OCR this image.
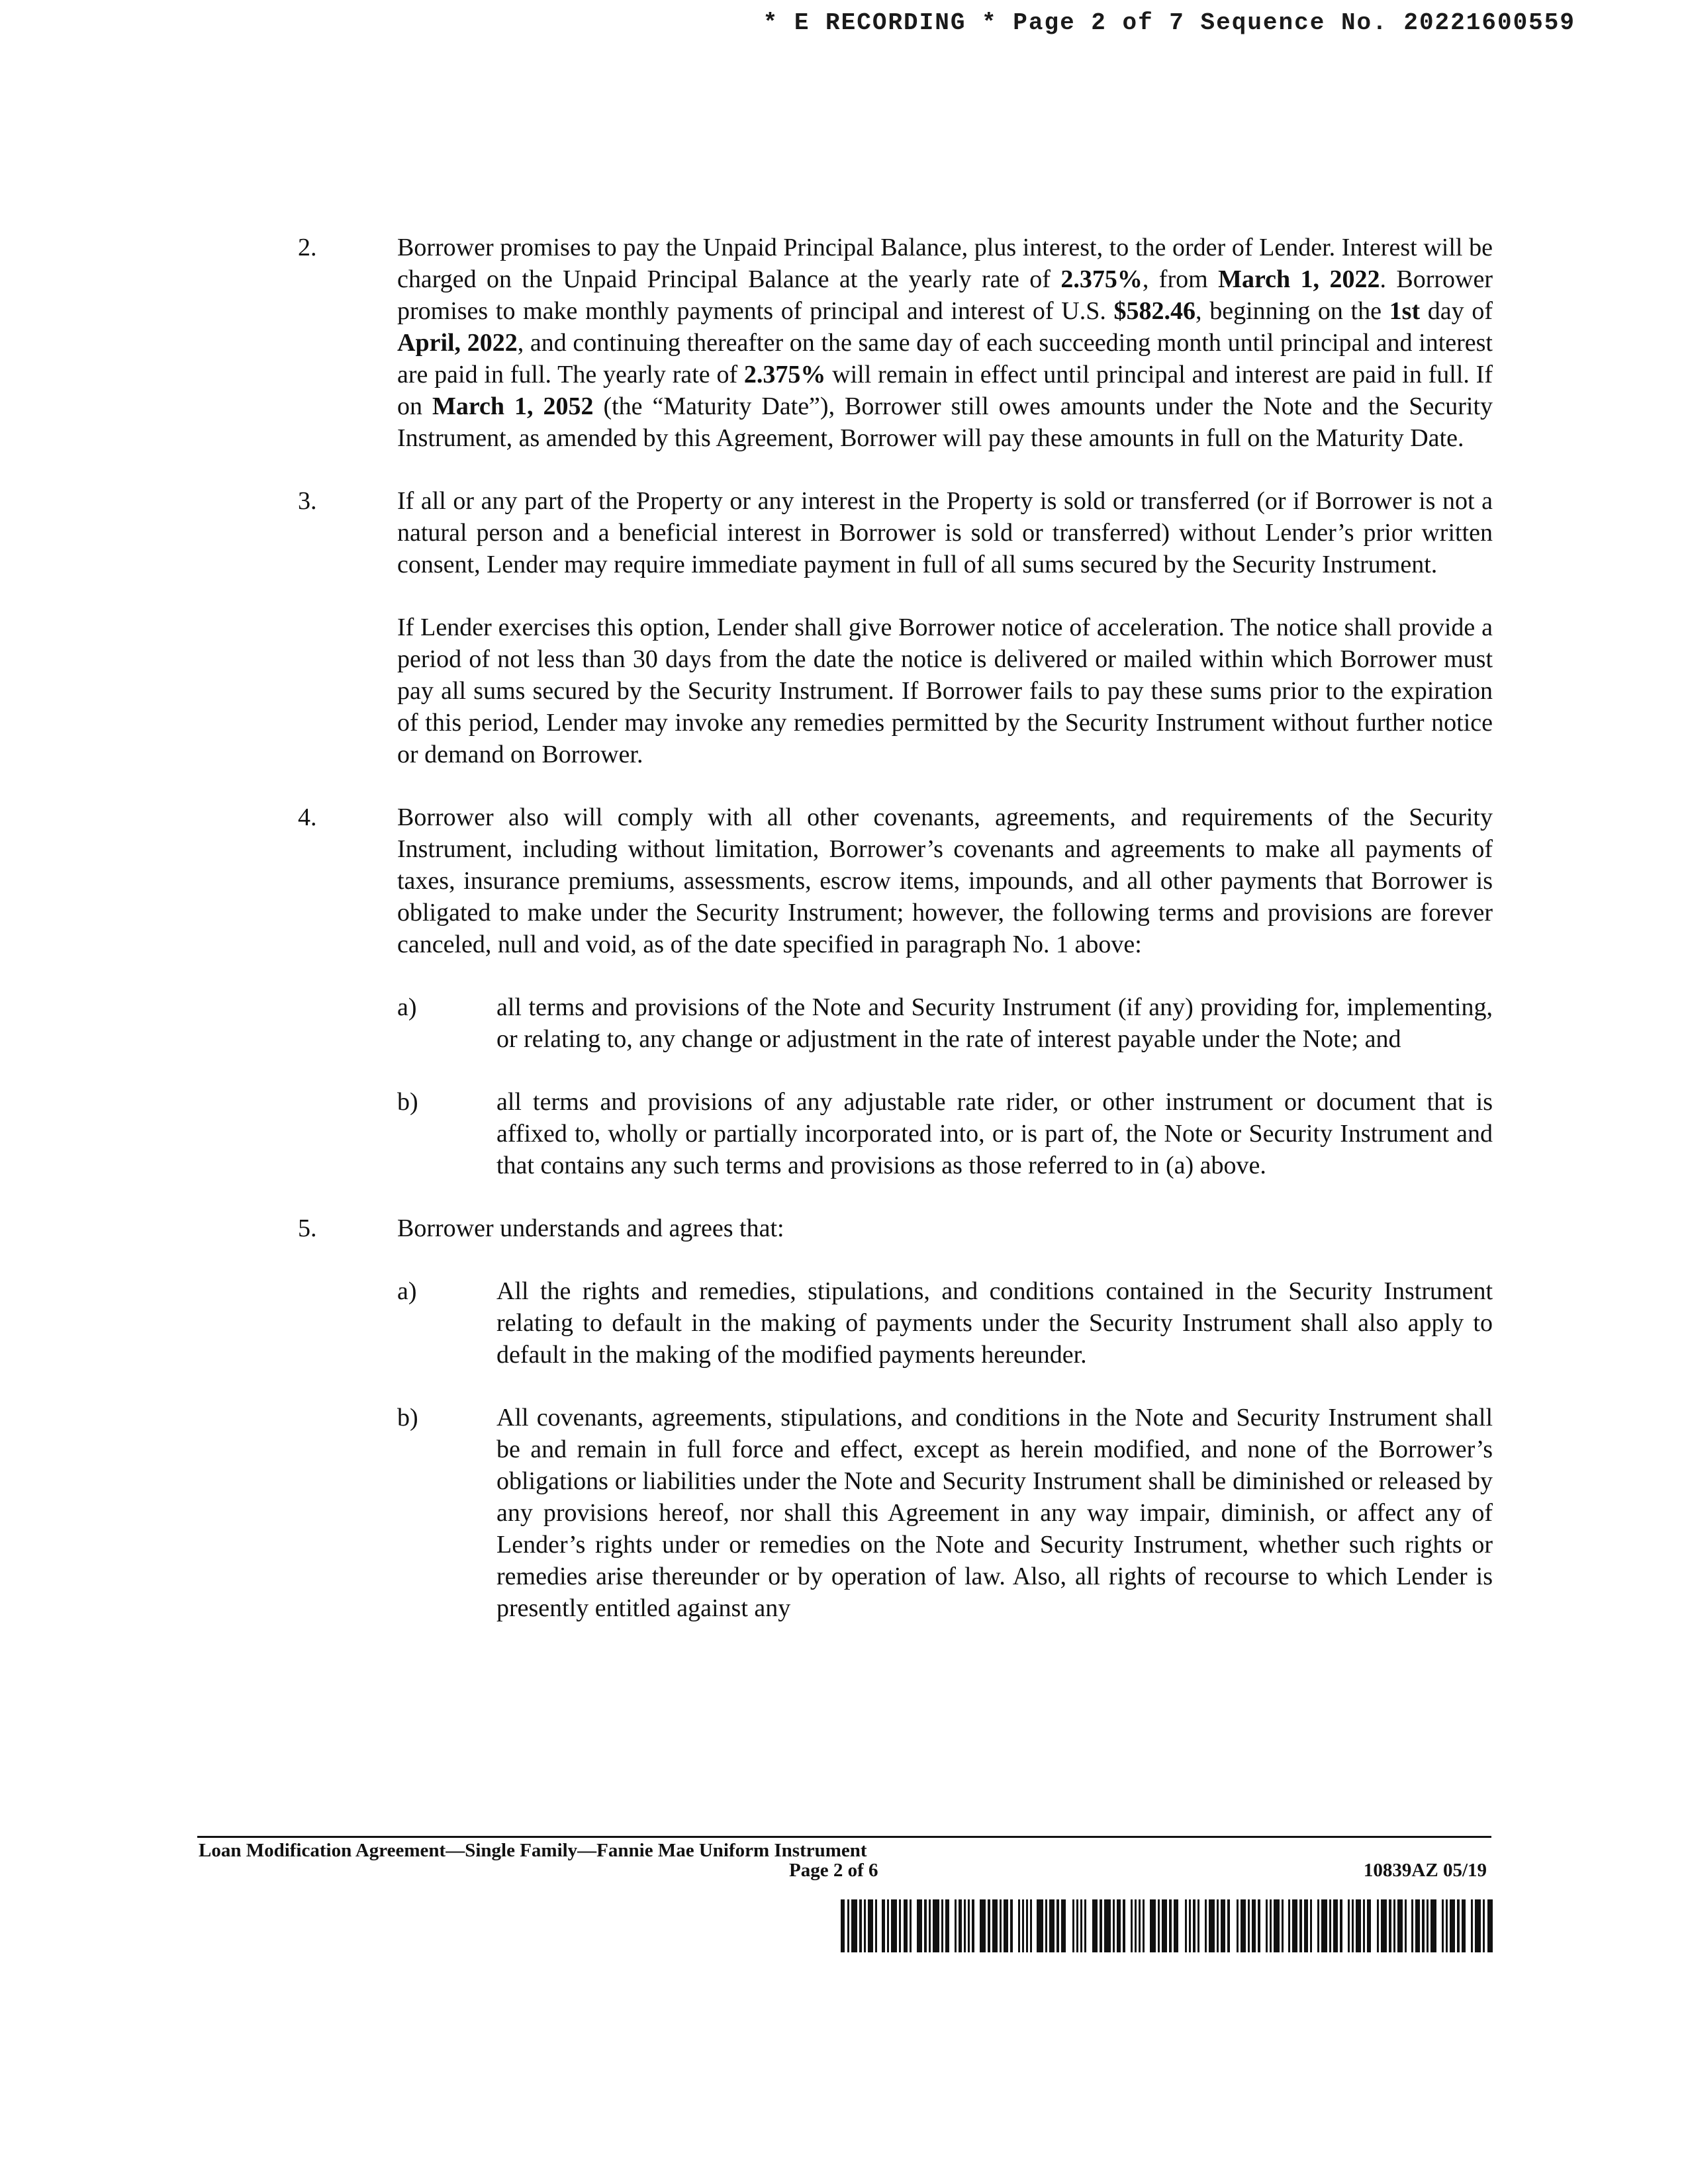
* E RECORDING * Page 2 of 7 Sequence No. 20221600559
2.	Borrower promises to pay the Unpaid Principal Balance, plus interest, to the order of Lender. Interest will be charged on the Unpaid Principal Balance at the yearly rate of 2.375%, from March 1, 2022. Borrower promises to make monthly payments of principal and interest of U.S. $582.46, beginning on the 1st day of April, 2022, and continuing thereafter on the same day of each succeeding month until principal and interest are paid in full. The yearly rate of 2.375% will remain in effect until principal and interest are paid in full. If on March 1, 2052 (the “Maturity Date”), Borrower still owes amounts under the Note and the Security Instrument, as amended by this Agreement, Borrower will pay these amounts in full on the Maturity Date.
3.	If all or any part of the Property or any interest in the Property is sold or transferred (or if Borrower is not a natural person and a beneficial interest in Borrower is sold or transferred) without Lender’s prior written consent, Lender may require immediate payment in full of all sums secured by the Security Instrument.
If Lender exercises this option, Lender shall give Borrower notice of acceleration. The notice shall provide a period of not less than 30 days from the date the notice is delivered or mailed within which Borrower must pay all sums secured by the Security Instrument. If Borrower fails to pay these sums prior to the expiration of this period, Lender may invoke any remedies permitted by the Security Instrument without further notice or demand on Borrower.
4.	Borrower also will comply with all other covenants, agreements, and requirements of the Security Instrument, including without limitation, Borrower’s covenants and agreements to make all payments of taxes, insurance premiums, assessments, escrow items, impounds, and all other payments that Borrower is obligated to make under the Security Instrument; however, the following terms and provisions are forever canceled, null and void, as of the date specified in paragraph No. 1 above:
a)	all terms and provisions of the Note and Security Instrument (if any) providing for, implementing, or relating to, any change or adjustment in the rate of interest payable under the Note; and
b)	all terms and provisions of any adjustable rate rider, or other instrument or document that is affixed to, wholly or partially incorporated into, or is part of, the Note or Security Instrument and that contains any such terms and provisions as those referred to in (a) above.
5.	Borrower understands and agrees that:
a)	All the rights and remedies, stipulations, and conditions contained in the Security Instrument relating to default in the making of payments under the Security Instrument shall also apply to default in the making of the modified payments hereunder.
b)	All covenants, agreements, stipulations, and conditions in the Note and Security Instrument shall be and remain in full force and effect, except as herein modified, and none of the Borrower’s obligations or liabilities under the Note and Security Instrument shall be diminished or released by any provisions hereof, nor shall this Agreement in any way impair, diminish, or affect any of Lender’s rights under or remedies on the Note and Security Instrument, whether such rights or remedies arise thereunder or by operation of law. Also, all rights of recourse to which Lender is presently entitled against any
Loan Modification Agreement—Single Family—Fannie Mae Uniform Instrument
Page 2 of 6	10839AZ 05/19
